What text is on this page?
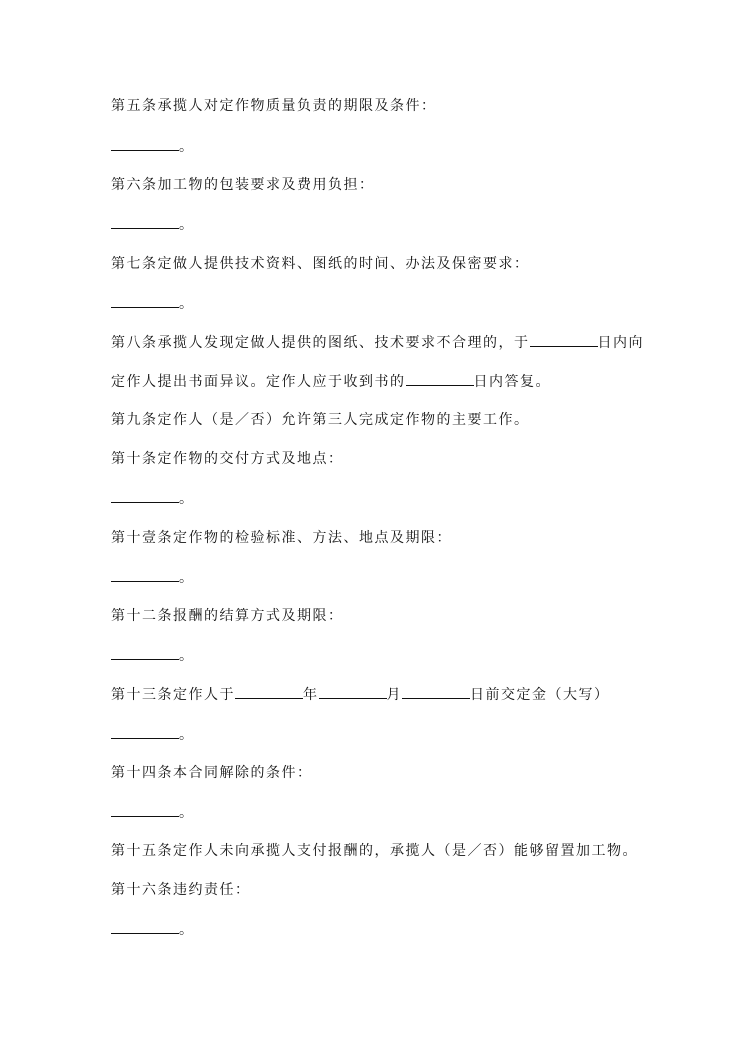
第五条承揽人对定作物质量负责的期限及条件：
。
第六条加工物的包装要求及费用负担：
。
第七条定做人提供技术资料、图纸的时间、办法及保密要求：
。
第八条承揽人发现定做人提供的图纸、技术要求不合理的，于	日内向
定作人提出书面异议。定作人应于收到书的	日内答复。
第九条定作人（是／否）允许第三人完成定作物的主要工作。
第十条定作物的交付方式及地点：
。
第十壹条定作物的检验标准、方法、地点及期限：
。
第十二条报酬的结算方式及期限：
。
第十三条定作人于	年	月	日前交定金（大写）
。
第十四条本合同解除的条件：
。
第十五条定作人未向承揽人支付报酬的，承揽人（是／否）能够留置加工物。
第十六条违约责任：
。
